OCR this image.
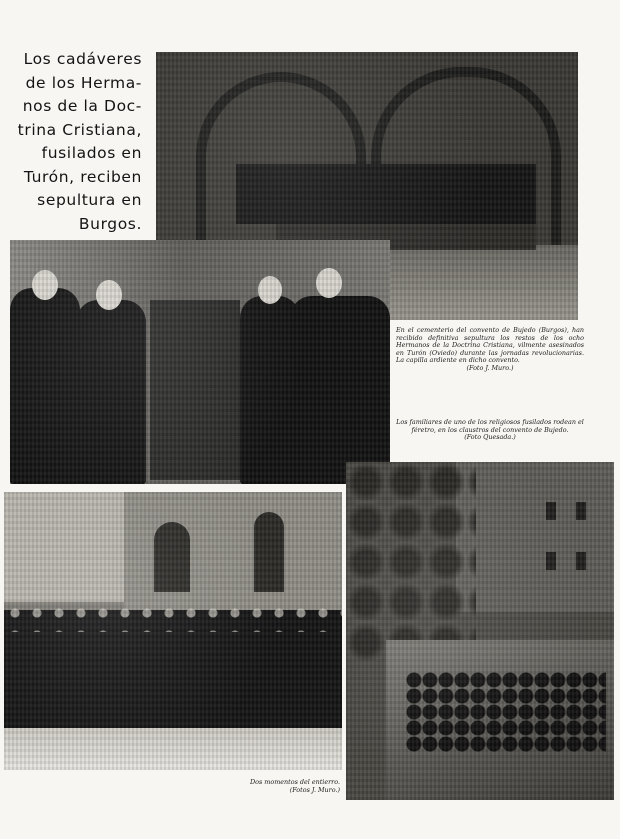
Los cadáveres
de los Herma-
nos de la Doc-
trina Cristiana,
fusilados en
Turón, reciben
sepultura en
Burgos.
En el cementerio del convento de Bujedo (Burgos), han recibido definitiva sepultura los restos de los ocho Hermanos de la Doctrina Cristiana, vilmente asesinados en Turón (Oviedo) durante las jornadas revolucionarias. La capilla ardiente en dicho convento.
(Foto J. Muro.)
Los familiares de uno de los religiosos fusilados rodean el féretro, en los claustros del convento de Bujedo.
(Foto Quesada.)
Dos momentos del entierro.
(Fotos J. Muro.)
